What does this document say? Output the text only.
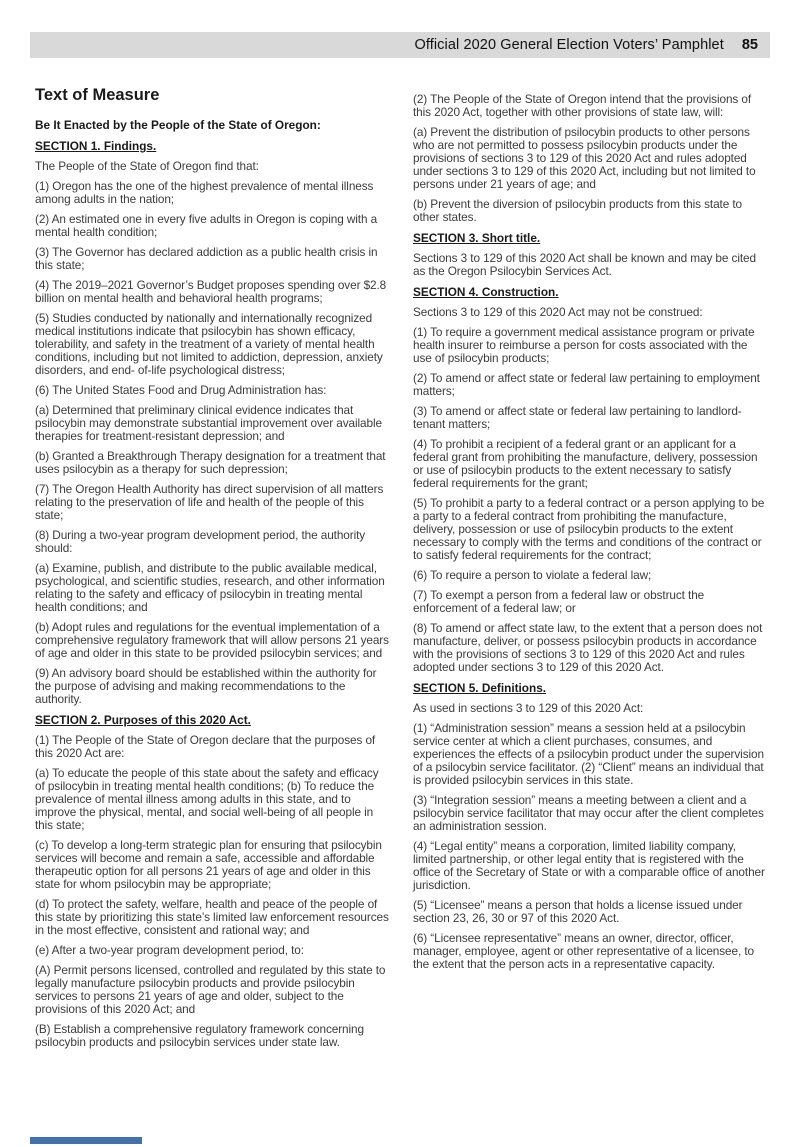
Official 2020 General Election Voters’ Pamphlet 85
Text of Measure

Be It Enacted by the People of the State of Oregon:

SECTION 1. Findings.

The People of the State of Oregon find that:

(1) Oregon has the one of the highest prevalence of mental illness among adults in the nation;

(2) An estimated one in every five adults in Oregon is coping with a mental health condition;

(3) The Governor has declared addiction as a public health crisis in this state;

(4) The 2019–2021 Governor’s Budget proposes spending over $2.8 billion on mental health and behavioral health programs;

(5) Studies conducted by nationally and internationally recognized medical institutions indicate that psilocybin has shown efficacy, tolerability, and safety in the treatment of a variety of mental health conditions, including but not limited to addiction, depression, anxiety disorders, and end- of-life psychological distress;

(6) The United States Food and Drug Administration has:

(a) Determined that preliminary clinical evidence indicates that psilocybin may demonstrate substantial improvement over available therapies for treatment-resistant depression; and

(b) Granted a Breakthrough Therapy designation for a treatment that uses psilocybin as a therapy for such depression;

(7) The Oregon Health Authority has direct supervision of all matters relating to the preservation of life and health of the people of this state;

(8) During a two-year program development period, the authority should:

(a) Examine, publish, and distribute to the public available medical, psychological, and scientific studies, research, and other information relating to the safety and efficacy of psilocybin in treating mental health conditions; and

(b) Adopt rules and regulations for the eventual implementation of a comprehensive regulatory framework that will allow persons 21 years of age and older in this state to be provided psilocybin services; and

(9) An advisory board should be established within the authority for the purpose of advising and making recommendations to the authority.

SECTION 2. Purposes of this 2020 Act.

(1) The People of the State of Oregon declare that the purposes of this 2020 Act are:

(a) To educate the people of this state about the safety and efficacy of psilocybin in treating mental health conditions; (b) To reduce the prevalence of mental illness among adults in this state, and to improve the physical, mental, and social well-being of all people in this state;

(c) To develop a long-term strategic plan for ensuring that psilocybin services will become and remain a safe, accessible and affordable therapeutic option for all persons 21 years of age and older in this state for whom psilocybin may be appropriate;

(d) To protect the safety, welfare, health and peace of the people of this state by prioritizing this state’s limited law enforcement resources in the most effective, consistent and rational way; and

(e) After a two-year program development period, to:

(A) Permit persons licensed, controlled and regulated by this state to legally manufacture psilocybin products and provide psilocybin services to persons 21 years of age and older, subject to the provisions of this 2020 Act; and

(B) Establish a comprehensive regulatory framework concerning psilocybin products and psilocybin services under state law.

(2) The People of the State of Oregon intend that the provisions of this 2020 Act, together with other provisions of state law, will:

(a) Prevent the distribution of psilocybin products to other persons who are not permitted to possess psilocybin products under the provisions of sections 3 to 129 of this 2020 Act and rules adopted under sections 3 to 129 of this 2020 Act, including but not limited to persons under 21 years of age; and

(b) Prevent the diversion of psilocybin products from this state to other states.

SECTION 3. Short title.

Sections 3 to 129 of this 2020 Act shall be known and may be cited as the Oregon Psilocybin Services Act.

SECTION 4. Construction.

Sections 3 to 129 of this 2020 Act may not be construed:

(1) To require a government medical assistance program or private health insurer to reimburse a person for costs associated with the use of psilocybin products;

(2) To amend or affect state or federal law pertaining to employment matters;

(3) To amend or affect state or federal law pertaining to landlord-tenant matters;

(4) To prohibit a recipient of a federal grant or an applicant for a federal grant from prohibiting the manufacture, delivery, possession or use of psilocybin products to the extent necessary to satisfy federal requirements for the grant;

(5) To prohibit a party to a federal contract or a person applying to be a party to a federal contract from prohibiting the manufacture, delivery, possession or use of psilocybin products to the extent necessary to comply with the terms and conditions of the contract or to satisfy federal requirements for the contract;

(6) To require a person to violate a federal law;

(7) To exempt a person from a federal law or obstruct the enforcement of a federal law; or

(8) To amend or affect state law, to the extent that a person does not manufacture, deliver, or possess psilocybin products in accordance with the provisions of sections 3 to 129 of this 2020 Act and rules adopted under sections 3 to 129 of this 2020 Act.

SECTION 5. Definitions.

As used in sections 3 to 129 of this 2020 Act:

(1) “Administration session” means a session held at a psilocybin service center at which a client purchases, consumes, and experiences the effects of a psilocybin product under the supervision of a psilocybin service facilitator. (2) “Client” means an individual that is provided psilocybin services in this state.

(3) “Integration session” means a meeting between a client and a psilocybin service facilitator that may occur after the client completes an administration session.

(4) “Legal entity” means a corporation, limited liability company, limited partnership, or other legal entity that is registered with the office of the Secretary of State or with a comparable office of another jurisdiction.

(5) “Licensee” means a person that holds a license issued under section 23, 26, 30 or 97 of this 2020 Act.

(6) “Licensee representative” means an owner, director, officer, manager, employee, agent or other representative of a licensee, to the extent that the person acts in a representative capacity.
